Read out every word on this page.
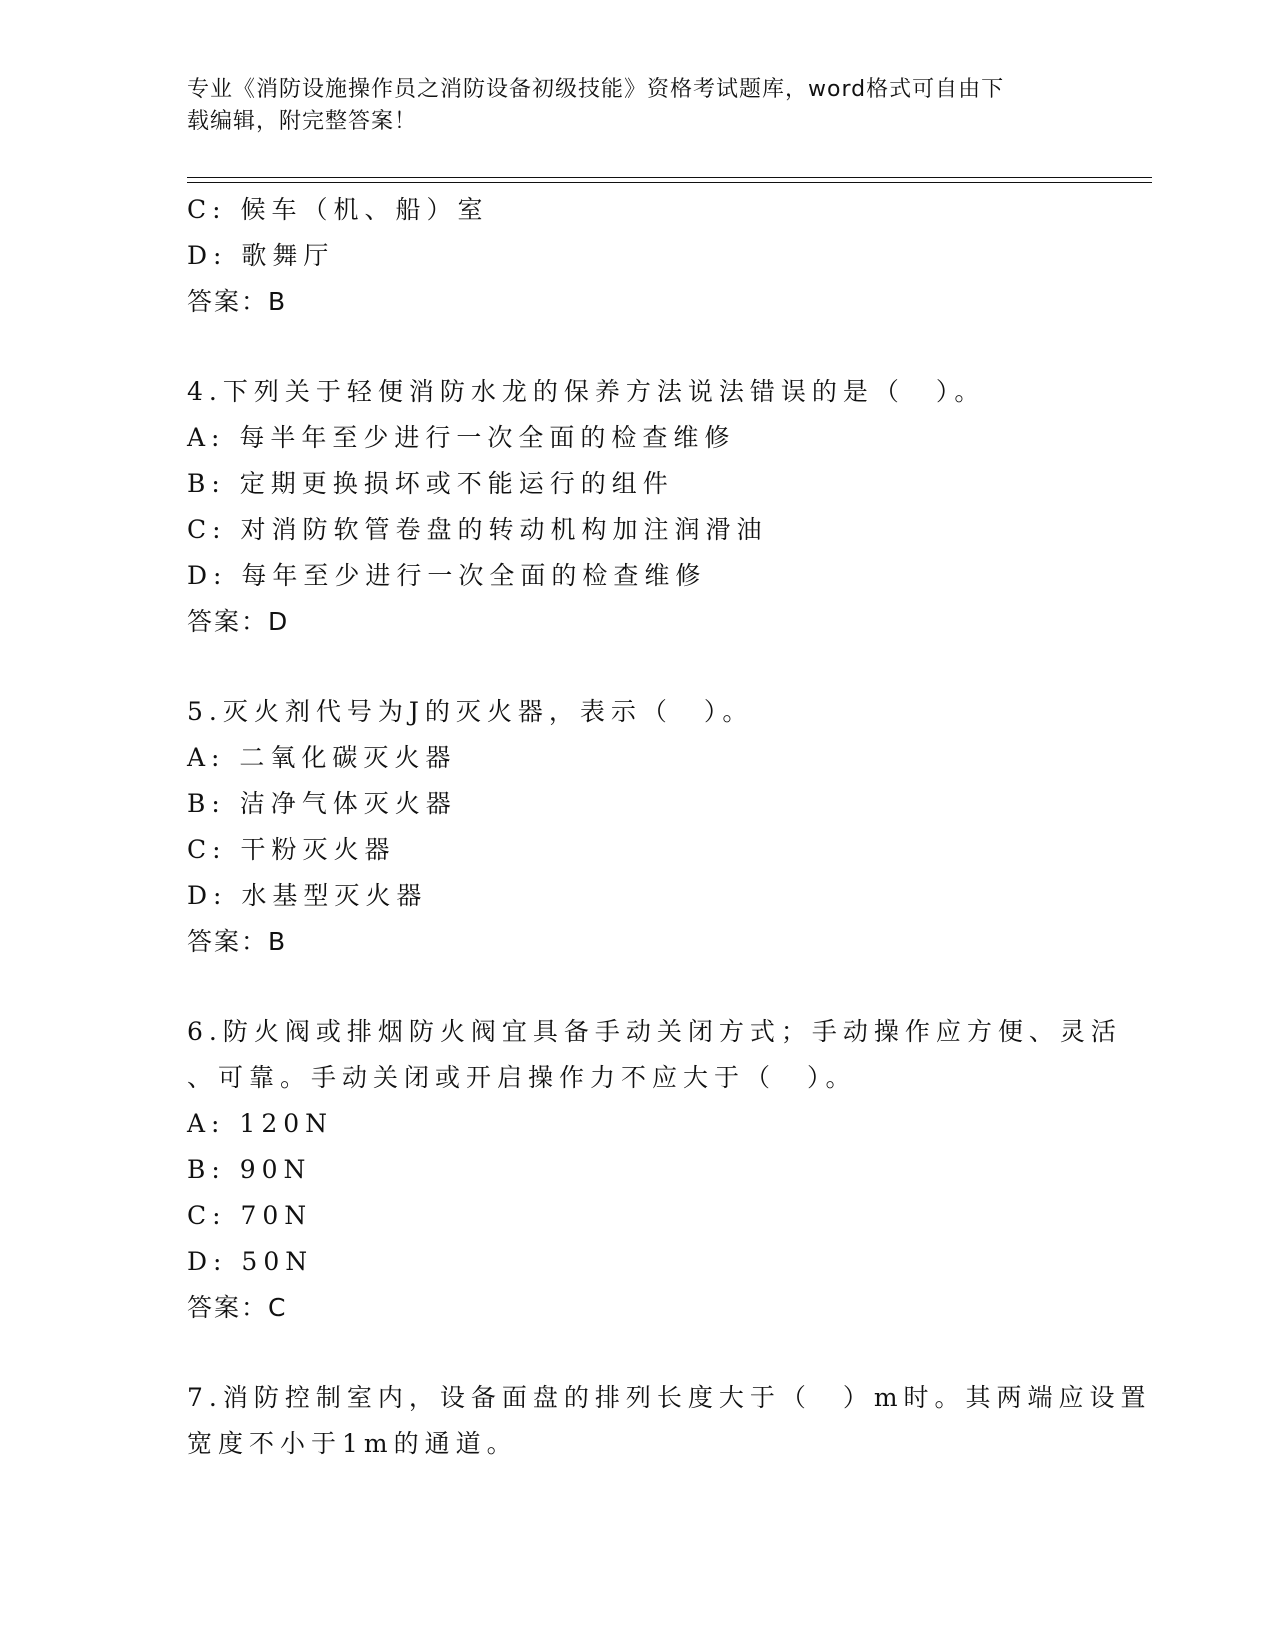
专业《消防设施操作员之消防设备初级技能》资格考试题库，word格式可自由下
载编辑，附完整答案！
C: 候车（机、船）室
D: 歌舞厅
答案：B
4.下列关于轻便消防水龙的保养方法说法错误的是（　）。
A: 每半年至少进行一次全面的检查维修
B: 定期更换损坏或不能运行的组件
C: 对消防软管卷盘的转动机构加注润滑油
D: 每年至少进行一次全面的检查维修
答案：D
5.灭火剂代号为J的灭火器，表示（　）。
A: 二氧化碳灭火器
B: 洁净气体灭火器
C: 干粉灭火器
D: 水基型灭火器
答案：B
6.防火阀或排烟防火阀宜具备手动关闭方式；手动操作应方便、灵活
、可靠。手动关闭或开启操作力不应大于（　）。
A: 120N
B: 90N
C: 70N
D: 50N
答案：C
7.消防控制室内，设备面盘的排列长度大于（　）m时。其两端应设置
宽度不小于1m的通道。
